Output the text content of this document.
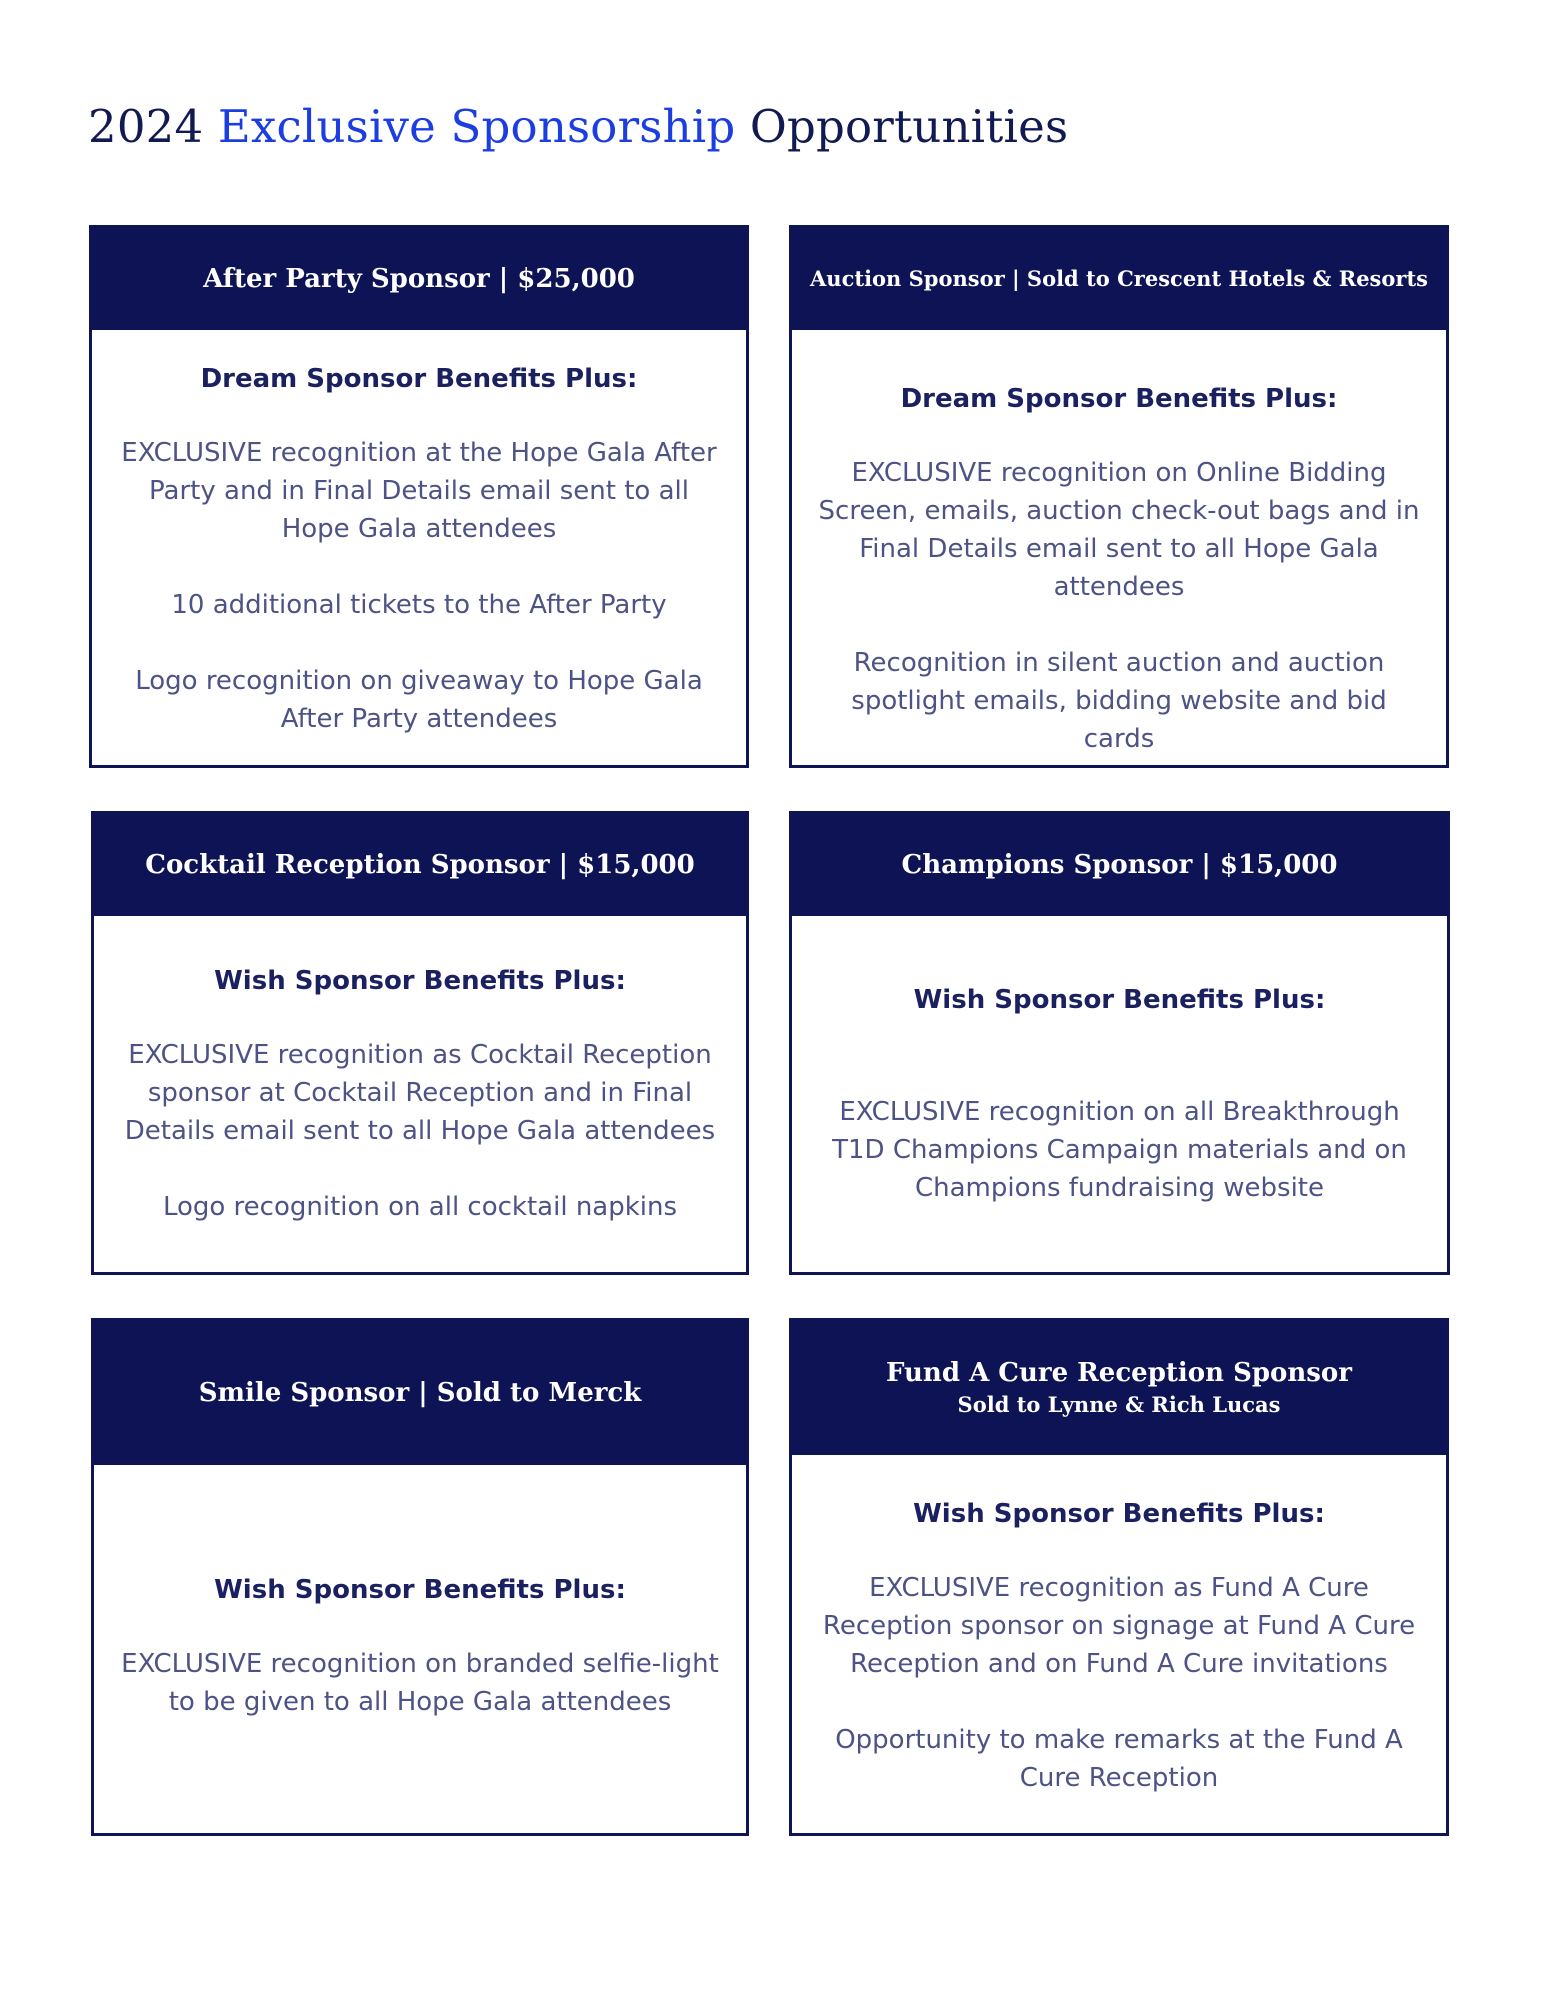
2024 Exclusive Sponsorship Opportunities
After Party Sponsor | $25,000
Dream Sponsor Benefits Plus:
EXCLUSIVE recognition at the Hope Gala After Party and in Final Details email sent to all Hope Gala attendees
10 additional tickets to the After Party
Logo recognition on giveaway to Hope Gala After Party attendees
Auction Sponsor | Sold to Crescent Hotels & Resorts
Dream Sponsor Benefits Plus:
EXCLUSIVE recognition on Online Bidding Screen, emails, auction check-out bags and in Final Details email sent to all Hope Gala attendees
Recognition in silent auction and auction spotlight emails, bidding website and bid cards
Cocktail Reception Sponsor | $15,000
Wish Sponsor Benefits Plus:
EXCLUSIVE recognition as Cocktail Reception sponsor at Cocktail Reception and in Final Details email sent to all Hope Gala attendees
Logo recognition on all cocktail napkins
Champions Sponsor | $15,000
Wish Sponsor Benefits Plus:
EXCLUSIVE recognition on all Breakthrough T1D Champions Campaign materials and on Champions fundraising website
Smile Sponsor | Sold to Merck
Wish Sponsor Benefits Plus:
EXCLUSIVE recognition on branded selfie-light to be given to all Hope Gala attendees
Fund A Cure Reception Sponsor
Sold to Lynne & Rich Lucas
Wish Sponsor Benefits Plus:
EXCLUSIVE recognition as Fund A Cure Reception sponsor on signage at Fund A Cure Reception and on Fund A Cure invitations
Opportunity to make remarks at the Fund A Cure Reception
